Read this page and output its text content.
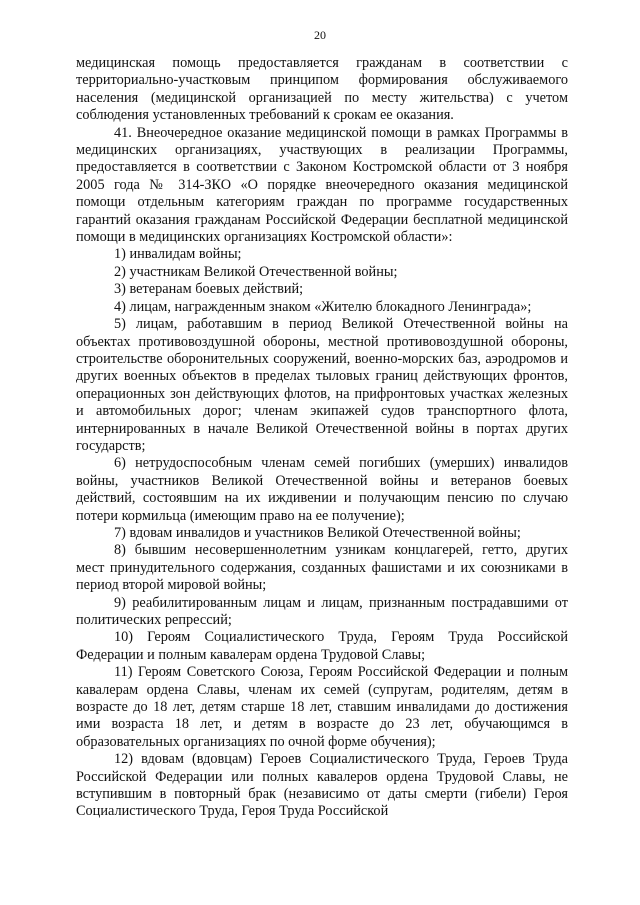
20

медицинская помощь предоставляется гражданам в соответствии с территориально-участковым принципом формирования обслуживаемого населения (медицинской организацией по месту жительства) с учетом соблюдения установленных требований к срокам ее оказания.

41. Внеочередное оказание медицинской помощи в рамках Программы в медицинских организациях, участвующих в реализации Программы, предоставляется в соответствии с Законом Костромской области от 3 ноября 2005 года № 314-ЗКО «О порядке внеочередного оказания медицинской помощи отдельным категориям граждан по программе государственных гарантий оказания гражданам Российской Федерации бесплатной медицинской помощи в медицинских организациях Костромской области»:

1) инвалидам войны;

2) участникам Великой Отечественной войны;

3) ветеранам боевых действий;

4) лицам, награжденным знаком «Жителю блокадного Ленинграда»;

5) лицам, работавшим в период Великой Отечественной войны на объектах противовоздушной обороны, местной противовоздушной обороны, строительстве оборонительных сооружений, военно-морских баз, аэродромов и других военных объектов в пределах тыловых границ действующих фронтов, операционных зон действующих флотов, на прифронтовых участках железных и автомобильных дорог; членам экипажей судов транспортного флота, интернированных в начале Великой Отечественной войны в портах других государств;

6) нетрудоспособным членам семей погибших (умерших) инвалидов войны, участников Великой Отечественной войны и ветеранов боевых действий, состоявшим на их иждивении и получающим пенсию по случаю потери кормильца (имеющим право на ее получение);

7) вдовам инвалидов и участников Великой Отечественной войны;

8) бывшим несовершеннолетним узникам концлагерей, гетто, других мест принудительного содержания, созданных фашистами и их союзниками в период второй мировой войны;

9) реабилитированным лицам и лицам, признанным пострадавшими от политических репрессий;

10) Героям Социалистического Труда, Героям Труда Российской Федерации и полным кавалерам ордена Трудовой Славы;

11) Героям Советского Союза, Героям Российской Федерации и полным кавалерам ордена Славы, членам их семей (супругам, родителям, детям в возрасте до 18 лет, детям старше 18 лет, ставшим инвалидами до достижения ими возраста 18 лет, и детям в возрасте до 23 лет, обучающимся в образовательных организациях по очной форме обучения);

12) вдовам (вдовцам) Героев Социалистического Труда, Героев Труда Российской Федерации или полных кавалеров ордена Трудовой Славы, не вступившим в повторный брак (независимо от даты смерти (гибели) Героя Социалистического Труда, Героя Труда Российской
